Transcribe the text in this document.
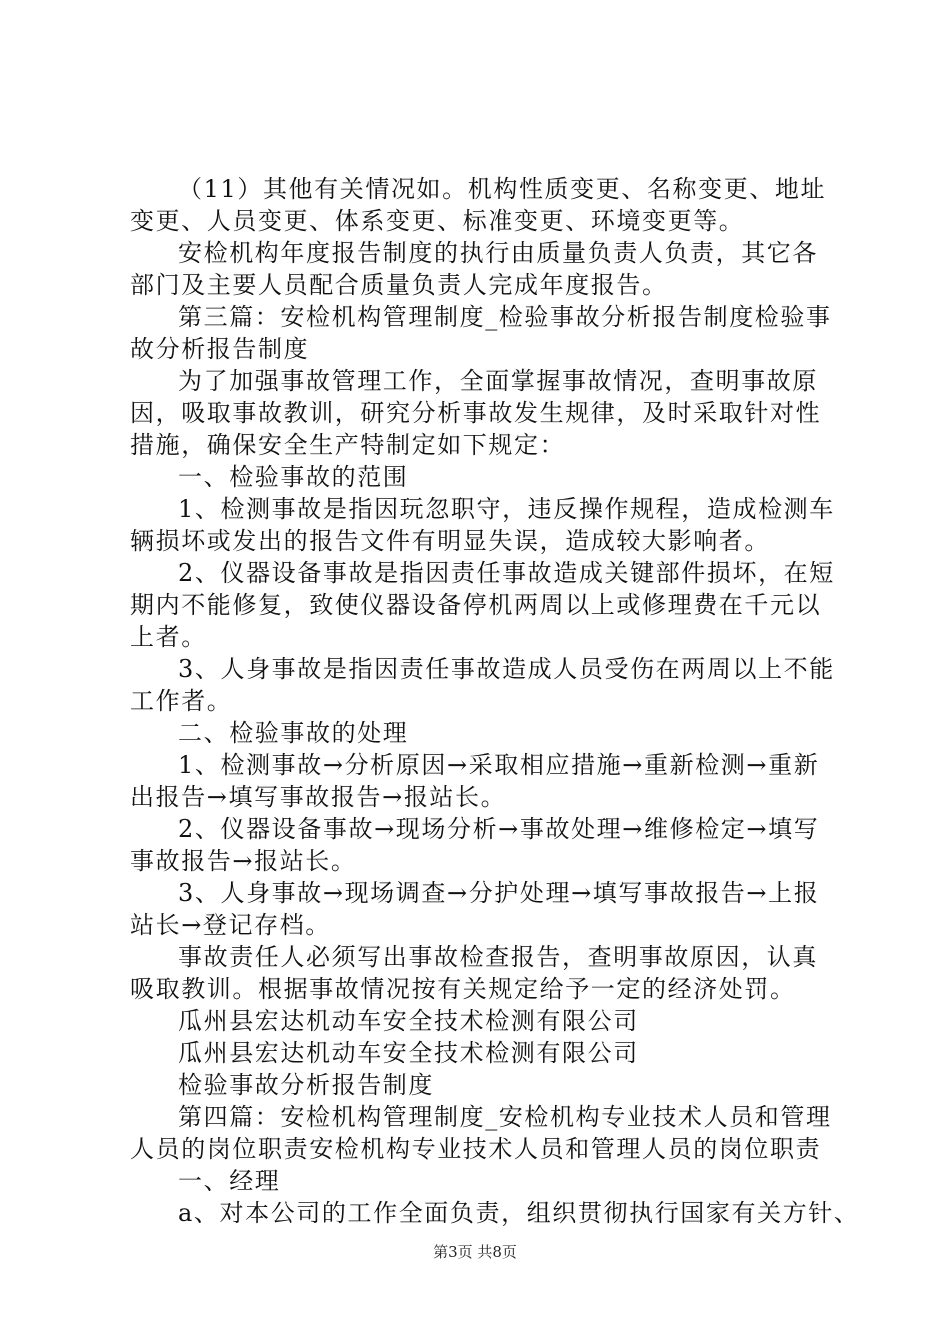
（11）其他有关情况如。机构性质变更、名称变更、地址
变更、人员变更、体系变更、标准变更、环境变更等。
安检机构年度报告制度的执行由质量负责人负责，其它各
部门及主要人员配合质量负责人完成年度报告。
第三篇：安检机构管理制度_检验事故分析报告制度检验事
故分析报告制度
为了加强事故管理工作，全面掌握事故情况，查明事故原
因，吸取事故教训，研究分析事故发生规律，及时采取针对性
措施，确保安全生产特制定如下规定：
一、检验事故的范围
1、检测事故是指因玩忽职守，违反操作规程，造成检测车
辆损坏或发出的报告文件有明显失误，造成较大影响者。
2、仪器设备事故是指因责任事故造成关键部件损坏，在短
期内不能修复，致使仪器设备停机两周以上或修理费在千元以
上者。
3、人身事故是指因责任事故造成人员受伤在两周以上不能
工作者。
二、检验事故的处理
1、检测事故→分析原因→采取相应措施→重新检测→重新
出报告→填写事故报告→报站长。
2、仪器设备事故→现场分析→事故处理→维修检定→填写
事故报告→报站长。
3、人身事故→现场调查→分护处理→填写事故报告→上报
站长→登记存档。
事故责任人必须写出事故检查报告，查明事故原因，认真
吸取教训。根据事故情况按有关规定给予一定的经济处罚。
瓜州县宏达机动车安全技术检测有限公司
瓜州县宏达机动车安全技术检测有限公司
检验事故分析报告制度
第四篇：安检机构管理制度_安检机构专业技术人员和管理
人员的岗位职责安检机构专业技术人员和管理人员的岗位职责
一、经理
a、对本公司的工作全面负责，组织贯彻执行国家有关方针、
第3页 共8页
